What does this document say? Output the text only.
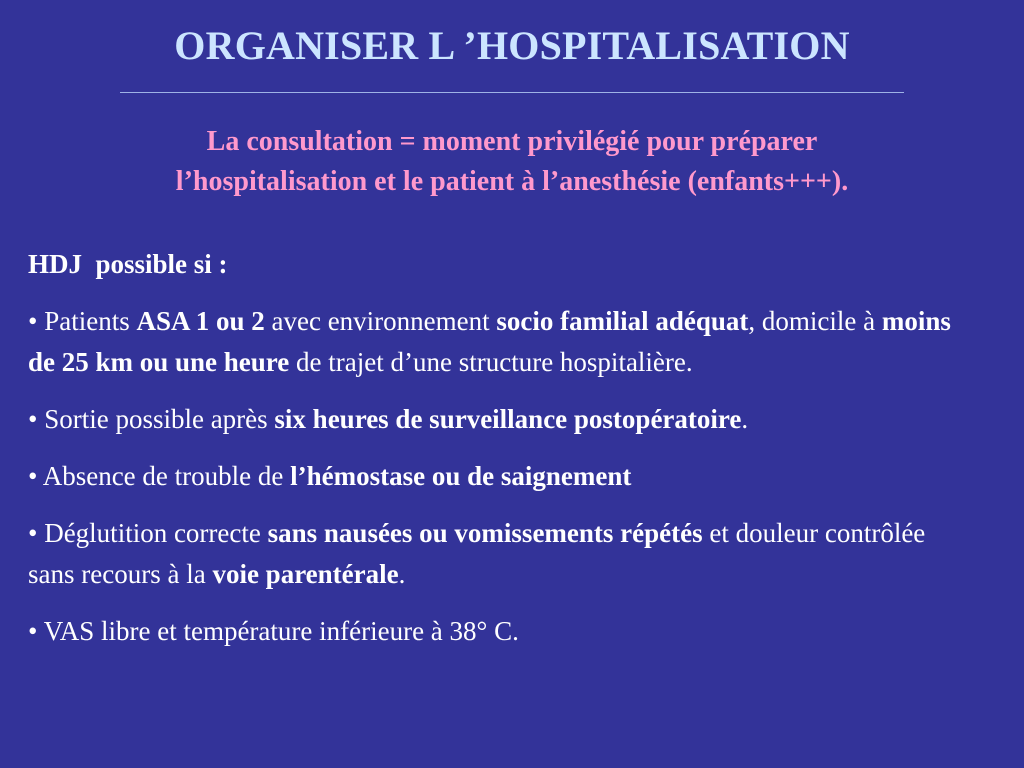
ORGANISER L ’HOSPITALISATION
La consultation = moment privilégié pour préparer
l’hospitalisation et le patient à l’anesthésie (enfants+++).
HDJ  possible si :
• Patients ASA 1 ou 2 avec environnement socio familial adéquat, domicile à moins de 25 km ou une heure de trajet d’une structure hospitalière.
• Sortie possible après six heures de surveillance postopératoire.
• Absence de trouble de l’hémostase ou de saignement
• Déglutition correcte sans nausées ou vomissements répétés et douleur contrôlée sans recours à la voie parentérale.
• VAS libre et température inférieure à 38° C.
